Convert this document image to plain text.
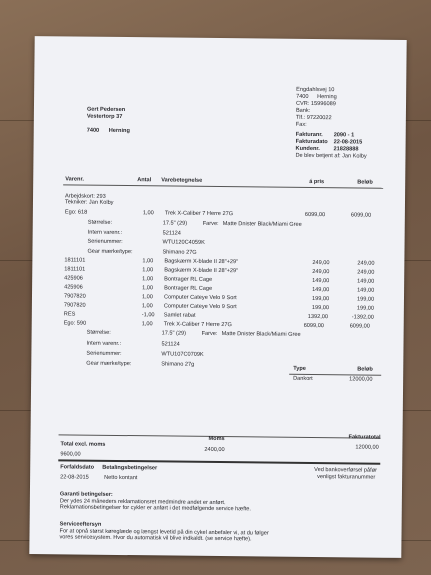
Engdahlsvej 10
7400 Herning
CVR: 15996089
Bank:
Tlf.: 97220022
Fax:
Fakturanr. 2090 - 1
Fakturadato 22-08-2015
Kundenr. 21828888
De blev betjent af: Jan Kolby
Gert Pedersen
Vestertorp 37
7400 Herning
Varenr.	Antal Varebetegnelse	á pris	Beløb
Arbejdskort: 293
Tekniker: Jan Kolby
Ego: 618	1,00 Trek X-Caliber 7 Herre 27G	6099,00	6099,00
Størrelse:	17.5" (29)	Farve: Matte Dnister Black/Miami Gree
Intern varenr.:	521124
Serienummer:	WTU120C4059K
Gear mærke/type:	Shimano 27G
1811101	1,00 Bagskærm X-blade II 28"+29"	249,00	249,00
1811101	1,00 Bagskærm X-blade II 28"+29"	249,00	249,00
425906	1,00 Bontrager RL Cage	149,00	149,00
425906	1,00 Bontrager RL Cage	149,00	149,00
7907820	1,00 Computer Cateye Velo 9 Sort	199,00	199,00
7907820	1,00 Computer Cateye Velo 9 Sort	199,00	199,00
RES	-1,00 Samlet rabat	1392,00	-1392,00
Ego: 590	1,00 Trek X-Caliber 7 Herre 27G	6099,00	6099,00
Størrelse:	17.5" (29)	Farve: Matte Dnister Black/Miami Gree
Intern varenr.:	521124
Serienummer:	WTU107C0709K
Gear mærke/type:	Shimano 27g
Type	Beløb
Dankort	12000,00
Moms	Fakturatotal
Total excl. moms
2400,00	12000,00
9600,00
Forfaldsdato Betalingsbetingelser
22-08-2015	Netto kontant
Ved bankoverførsel påfør
venligst fakturanummer
Garanti betingelser:
Der ydes 24 måneders reklamationsret medmindre andet er anført.
Reklamationsbetingelser for cykler er anført i det medfølgende service hæfte.
Serviceeftersyn
For at opnå størst køreglæde og længst levetid på din cykel anbefaler vi, at du følger
vores servicesystem. Hvor du automatisk vil blive indkaldt. (se service hæfte).
